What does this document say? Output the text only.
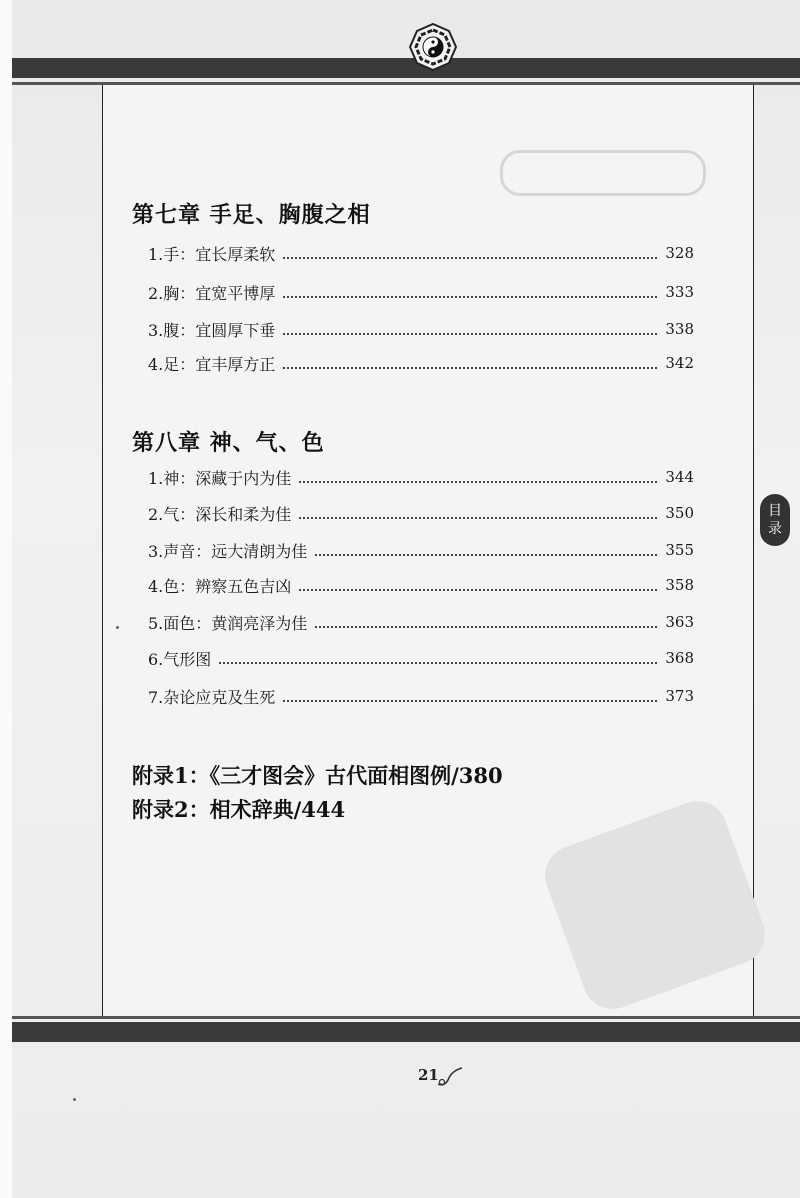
第七章 手足、胸腹之相
1.手：宜长厚柔软	328
2.胸：宜宽平博厚	333
3.腹：宜圆厚下垂	338
4.足：宜丰厚方正	342
第八章 神、气、色
1.神：深藏于内为佳	344
2.气：深长和柔为佳	350
3.声音：远大清朗为佳	355
4.色：辨察五色吉凶	358
5.面色：黄润亮泽为佳	363
6.气形图	368
7.杂论应克及生死	373
附录1：《三才图会》古代面相图例/380
附录2：相术辞典/444
目
录
21
